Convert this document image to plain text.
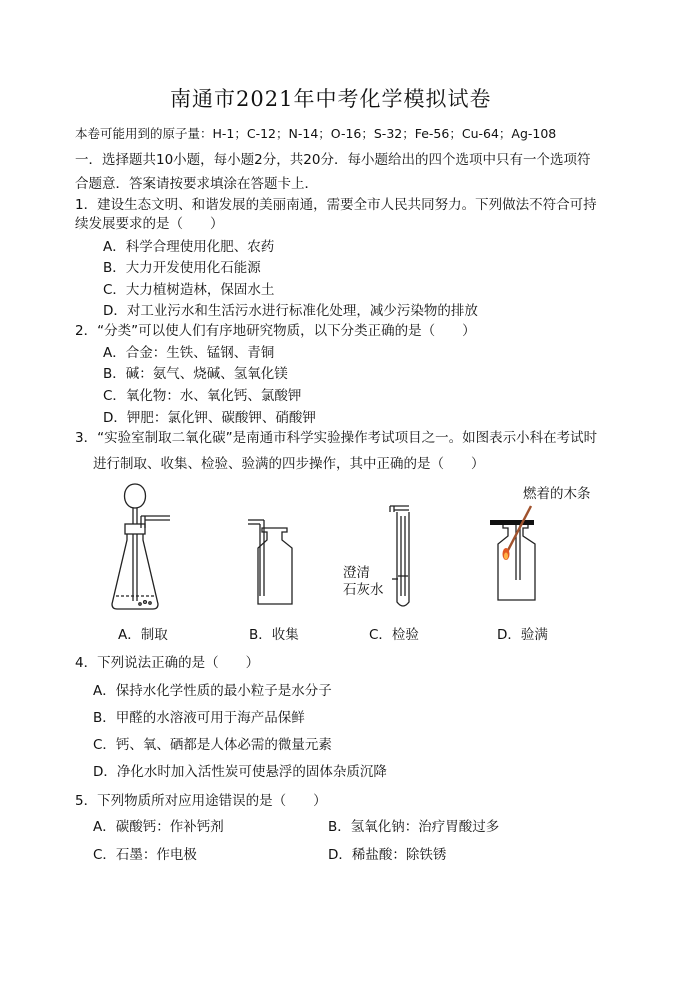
南通市2021年中考化学模拟试卷
本卷可能用到的原子量：H-1；C-12；N-14；O-16；S-32；Fe-56；Cu-64；Ag-108
一．选择题共10小题，每小题2分，共20分．每小题给出的四个选项中只有一个选项符
合题意．答案请按要求填涂在答题卡上．
1．建设生态文明、和谐发展的美丽南通，需要全市人民共同努力。下列做法不符合可持
续发展要求的是（　　）
A．科学合理使用化肥、农药
B．大力开发使用化石能源
C．大力植树造林，保固水土
D．对工业污水和生活污水进行标准化处理，减少污染物的排放
2．“分类”可以使人们有序地研究物质，以下分类正确的是（　　）
A．合金：生铁、锰钢、青铜
B．碱：氨气、烧碱、氢氧化镁
C．氧化物：水、氧化钙、氯酸钾
D．钾肥：氯化钾、碳酸钾、硝酸钾
3．“实验室制取二氧化碳”是南通市科学实验操作考试项目之一。如图表示小科在考试时
进行制取、收集、检验、验满的四步操作，其中正确的是（　　）
燃着的木条
澄清
石灰水
A．制取	B．收集	C．检验	D．验满
4．下列说法正确的是（　　）
A．保持水化学性质的最小粒子是水分子
B．甲醛的水溶液可用于海产品保鲜
C．钙、氧、硒都是人体必需的微量元素
D．净化水时加入活性炭可使悬浮的固体杂质沉降
5．下列物质所对应用途错误的是（　　）
A．碳酸钙：作补钙剂	B．氢氧化钠：治疗胃酸过多
C．石墨：作电极	D．稀盐酸：除铁锈
